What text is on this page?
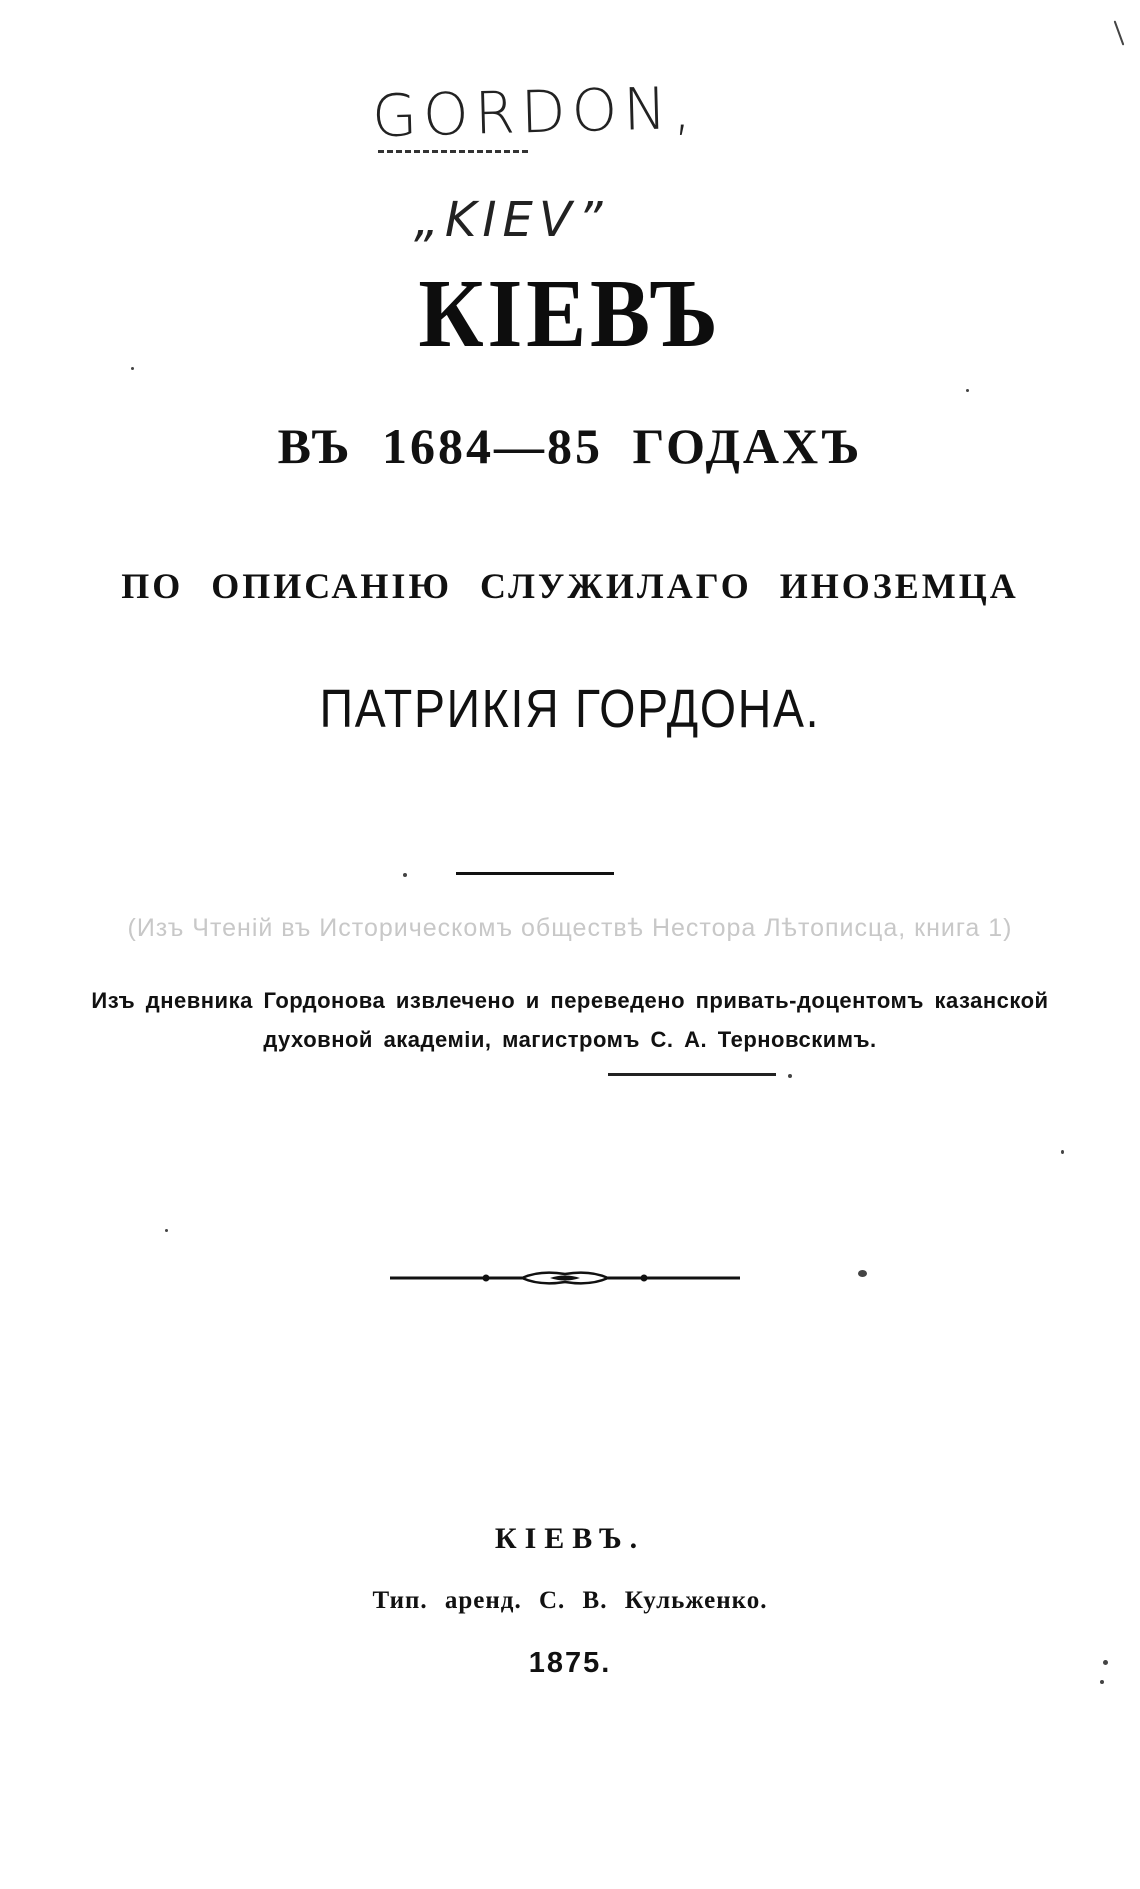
GORDON,
„KIEV”
КIЕВЪ
ВЪ 1684—85 ГОДАХЪ
ПО ОПИСАНIЮ СЛУЖИЛАГО ИНОЗЕМЦА
ПАТРИКIЯ ГОРДОНА.
(Изъ Чтенiй въ Историческомъ обществѣ Нестора Лѣтописца, книга 1)
Изъ дневника Гордонова извлечено и переведено привать-доцентомъ казанской
духовной академiи, магистромъ С. А. Терновскимъ.
КIЕВЪ.
Тип. аренд. С. В. Кульженко.
1875.
